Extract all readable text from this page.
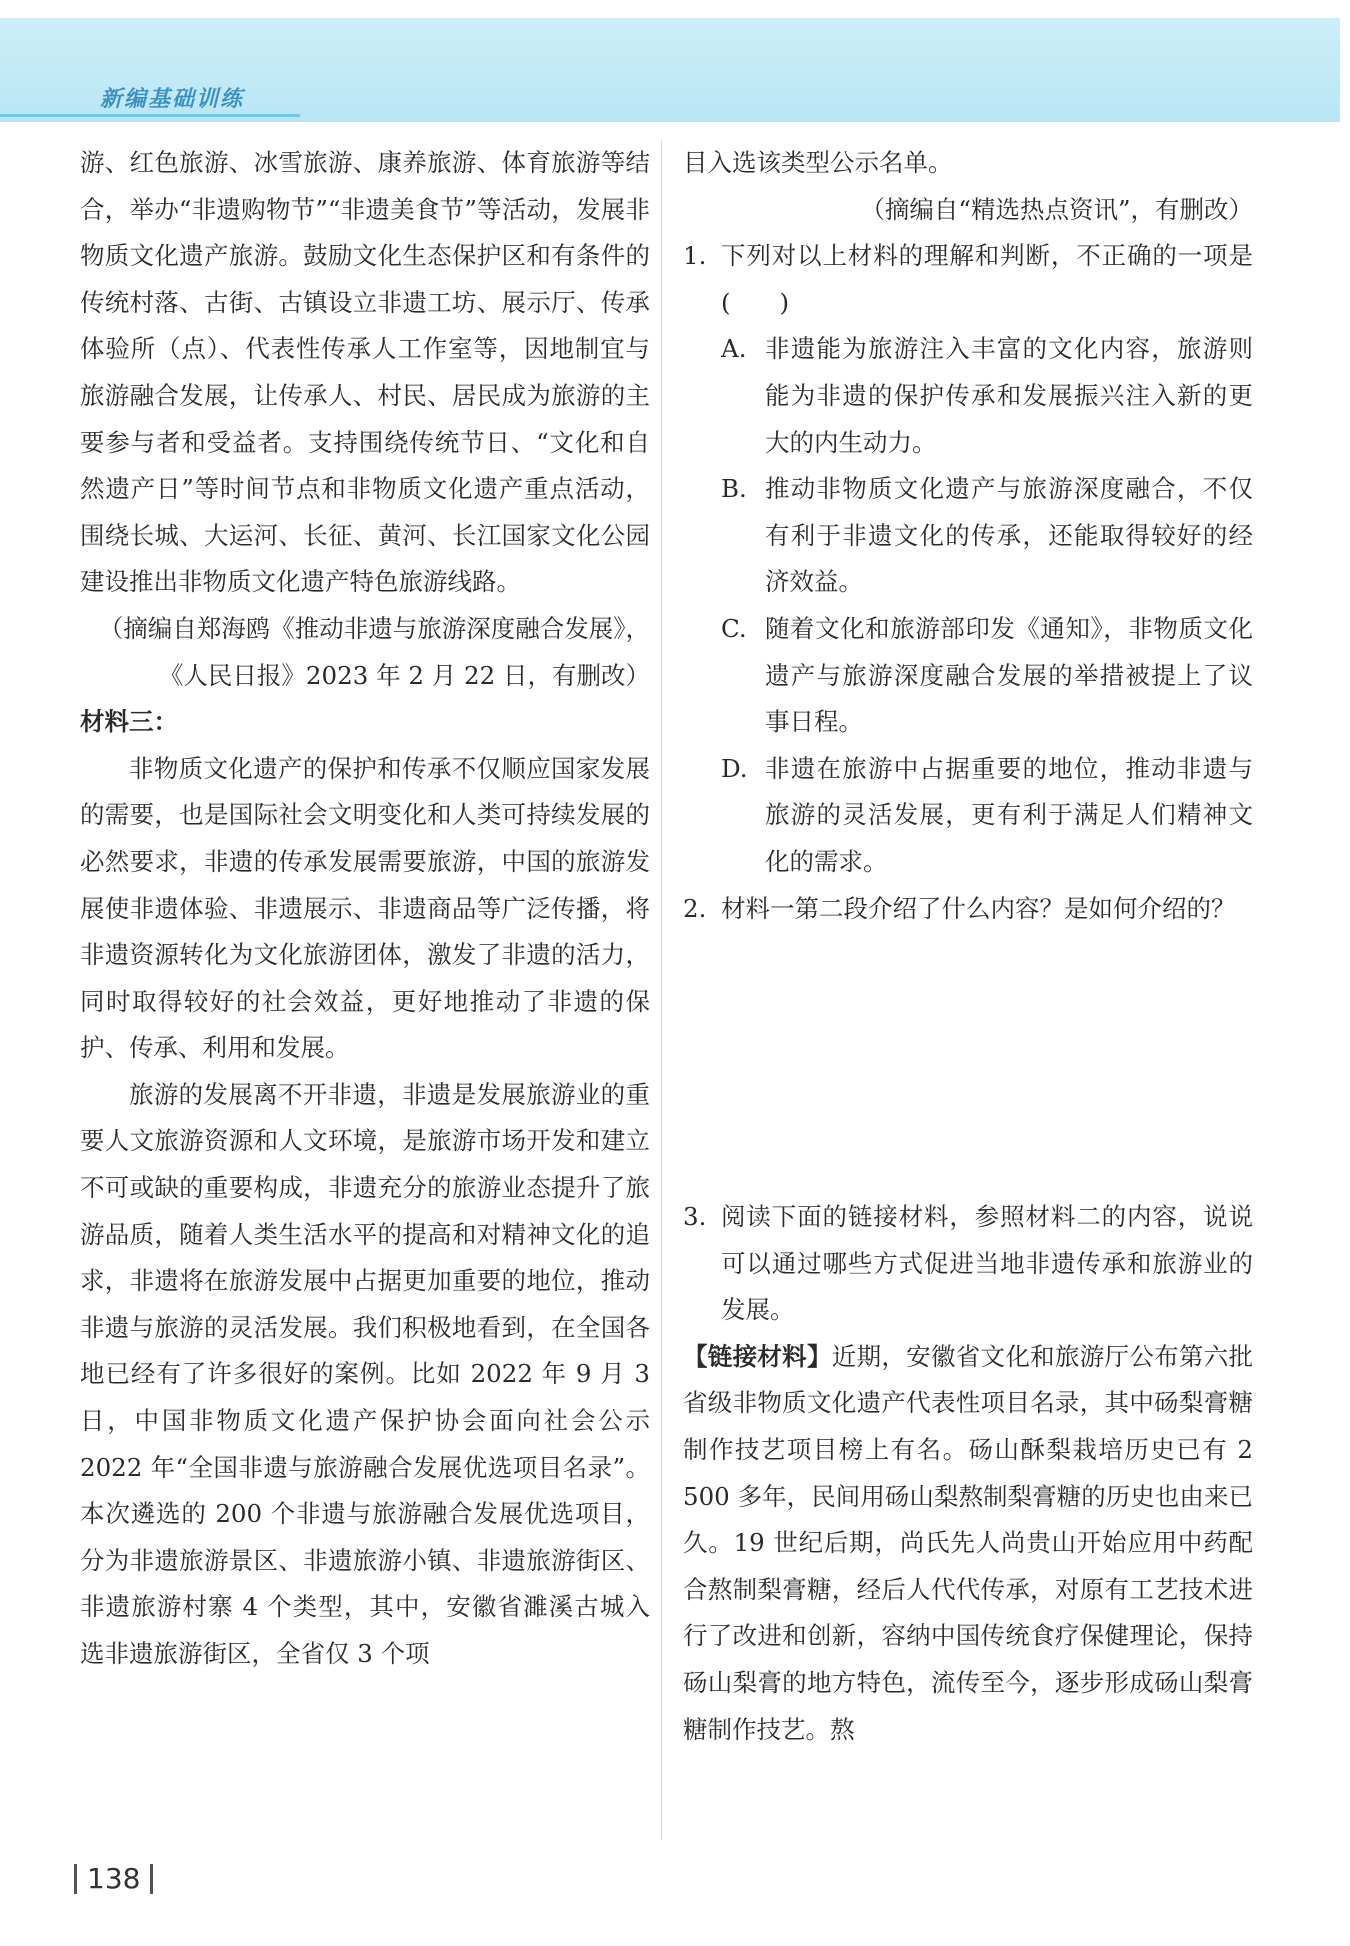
新编基础训练

游、红色旅游、冰雪旅游、康养旅游、体育旅游等结合，举办“非遗购物节”“非遗美食节”等活动，发展非物质文化遗产旅游。鼓励文化生态保护区和有条件的传统村落、古街、古镇设立非遗工坊、展示厅、传承体验所（点）、代表性传承人工作室等，因地制宜与旅游融合发展，让传承人、村民、居民成为旅游的主要参与者和受益者。支持围绕传统节日、“文化和自然遗产日”等时间节点和非物质文化遗产重点活动，围绕长城、大运河、长征、黄河、长江国家文化公园建设推出非物质文化遗产特色旅游线路。

（摘编自郑海鸥《推动非遗与旅游深度融合发展》，《人民日报》2023 年 2 月 22 日，有删改）

材料三：

非物质文化遗产的保护和传承不仅顺应国家发展的需要，也是国际社会文明变化和人类可持续发展的必然要求，非遗的传承发展需要旅游，中国的旅游发展使非遗体验、非遗展示、非遗商品等广泛传播，将非遗资源转化为文化旅游团体，激发了非遗的活力，同时取得较好的社会效益，更好地推动了非遗的保护、传承、利用和发展。

旅游的发展离不开非遗，非遗是发展旅游业的重要人文旅游资源和人文环境，是旅游市场开发和建立不可或缺的重要构成，非遗充分的旅游业态提升了旅游品质，随着人类生活水平的提高和对精神文化的追求，非遗将在旅游发展中占据更加重要的地位，推动非遗与旅游的灵活发展。我们积极地看到，在全国各地已经有了许多很好的案例。比如 2022 年 9 月 3 日，中国非物质文化遗产保护协会面向社会公示 2022 年“全国非遗与旅游融合发展优选项目名录”。本次遴选的 200 个非遗与旅游融合发展优选项目，分为非遗旅游景区、非遗旅游小镇、非遗旅游街区、非遗旅游村寨 4 个类型，其中，安徽省濉溪古城入选非遗旅游街区，全省仅 3 个项

目入选该类型公示名单。

（摘编自“精选热点资讯”，有删改）

1. 下列对以上材料的理解和判断，不正确的一项是(　　)
A. 非遗能为旅游注入丰富的文化内容，旅游则能为非遗的保护传承和发展振兴注入新的更大的内生动力。
B. 推动非物质文化遗产与旅游深度融合，不仅有利于非遗文化的传承，还能取得较好的经济效益。
C. 随着文化和旅游部印发《通知》，非物质文化遗产与旅游深度融合发展的举措被提上了议事日程。
D. 非遗在旅游中占据重要的地位，推动非遗与旅游的灵活发展，更有利于满足人们精神文化的需求。
2. 材料一第二段介绍了什么内容？是如何介绍的？
3. 阅读下面的链接材料，参照材料二的内容，说说可以通过哪些方式促进当地非遗传承和旅游业的发展。

【链接材料】近期，安徽省文化和旅游厅公布第六批省级非物质文化遗产代表性项目名录，其中砀梨膏糖制作技艺项目榜上有名。砀山酥梨栽培历史已有 2 500 多年，民间用砀山梨熬制梨膏糖的历史也由来已久。19 世纪后期，尚氏先人尚贵山开始应用中药配合熬制梨膏糖，经后人代代传承，对原有工艺技术进行了改进和创新，容纳中国传统食疗保健理论，保持砀山梨膏的地方特色，流传至今，逐步形成砀山梨膏糖制作技艺。熬

138
